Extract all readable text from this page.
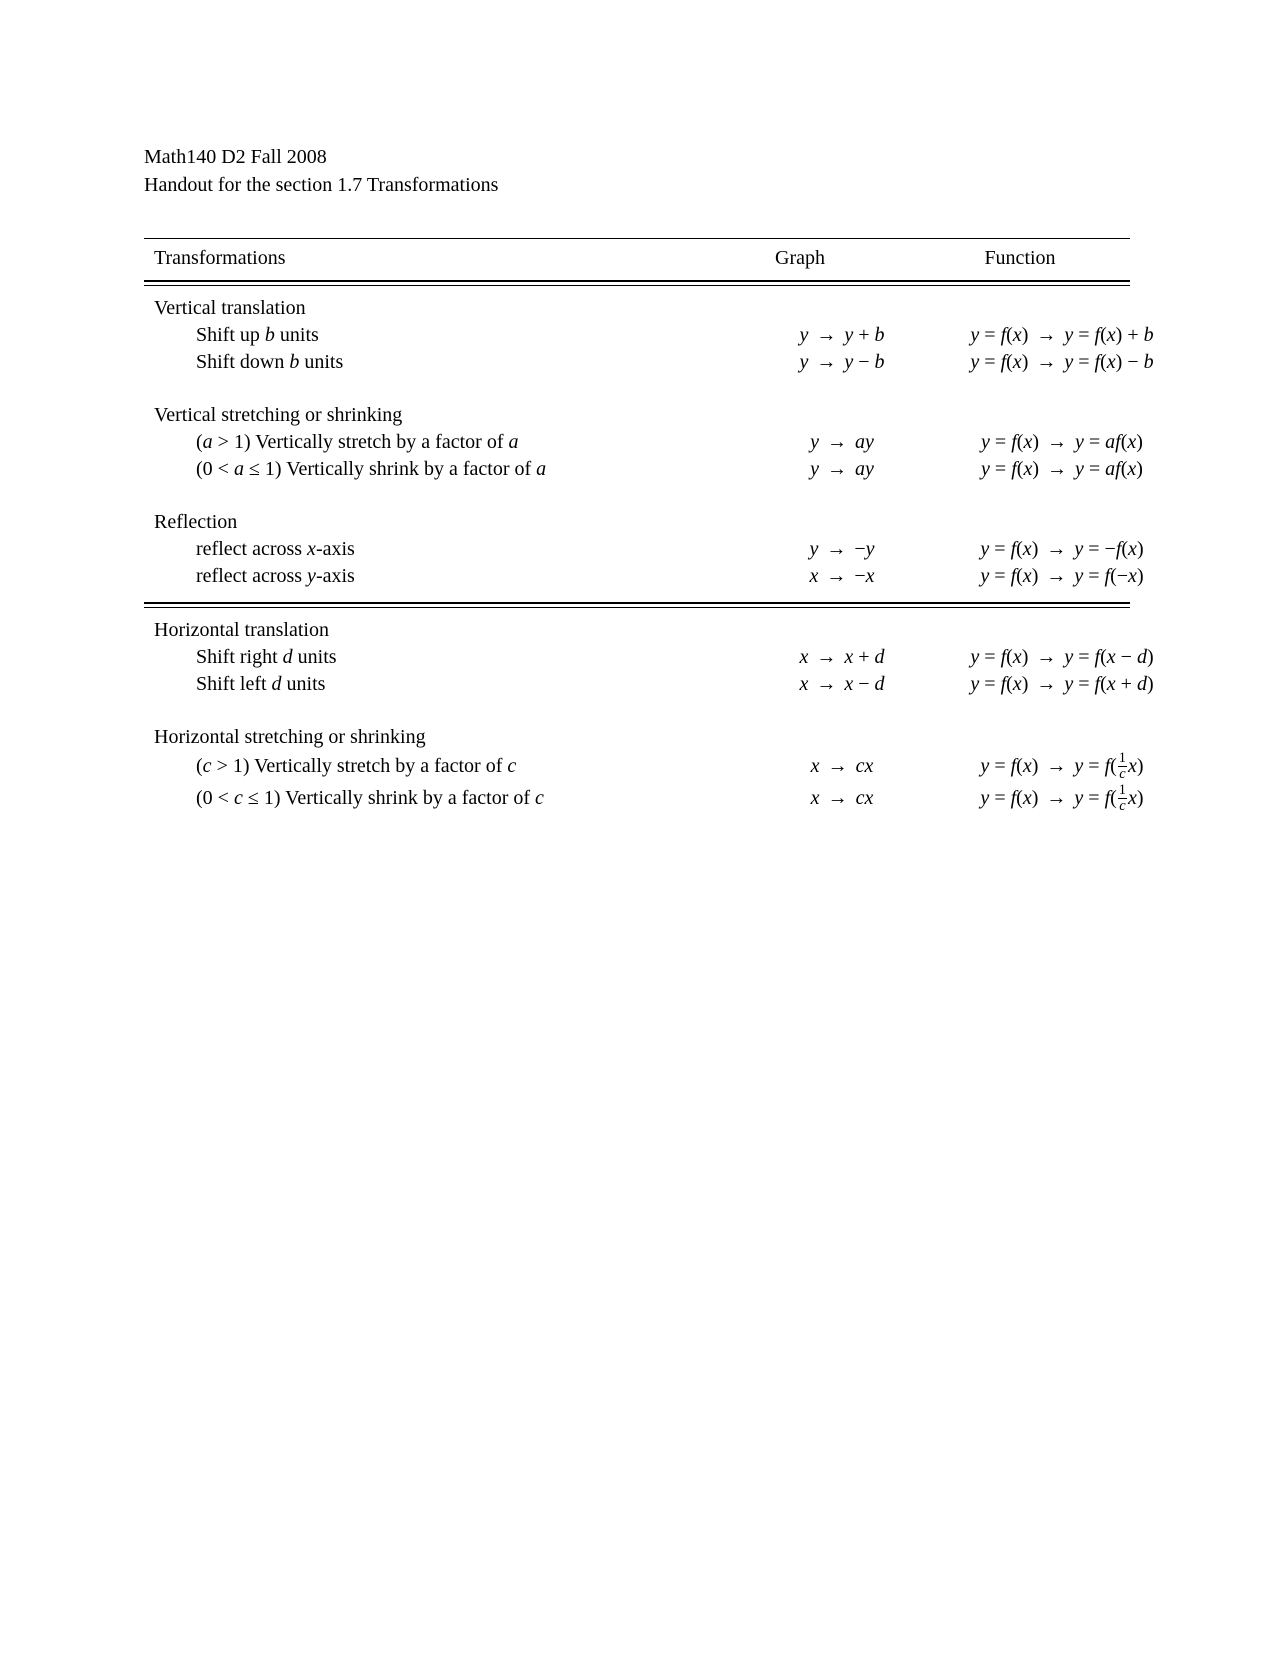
Math140 D2 Fall 2008
Handout for the section 1.7 Transformations
Transformations	Graph	Function
Vertical translation
Shift up b units	y → y + b	y = f(x) → y = f(x) + b
Shift down b units	y → y − b	y = f(x) → y = f(x) − b
Vertical stretching or shrinking
(a > 1) Vertically stretch by a factor of a	y → ay	y = f(x) → y = af(x)
(0 < a ≤ 1) Vertically shrink by a factor of a	y → ay	y = f(x) → y = af(x)
Reflection
reflect across x-axis	y → −y	y = f(x) → y = −f(x)
reflect across y-axis	x → −x	y = f(x) → y = f(−x)
Horizontal translation
Shift right d units	x → x + d	y = f(x) → y = f(x − d)
Shift left d units	x → x − d	y = f(x) → y = f(x + d)
Horizontal stretching or shrinking
(c > 1) Vertically stretch by a factor of c	x → cx	$y = f(x) \to y = f( \frac{1}{c} x)$
(0 < c ≤ 1) Vertically shrink by a factor of c	x → cx	$y = f(x) \to y = f( \frac{1}{c} x)$
